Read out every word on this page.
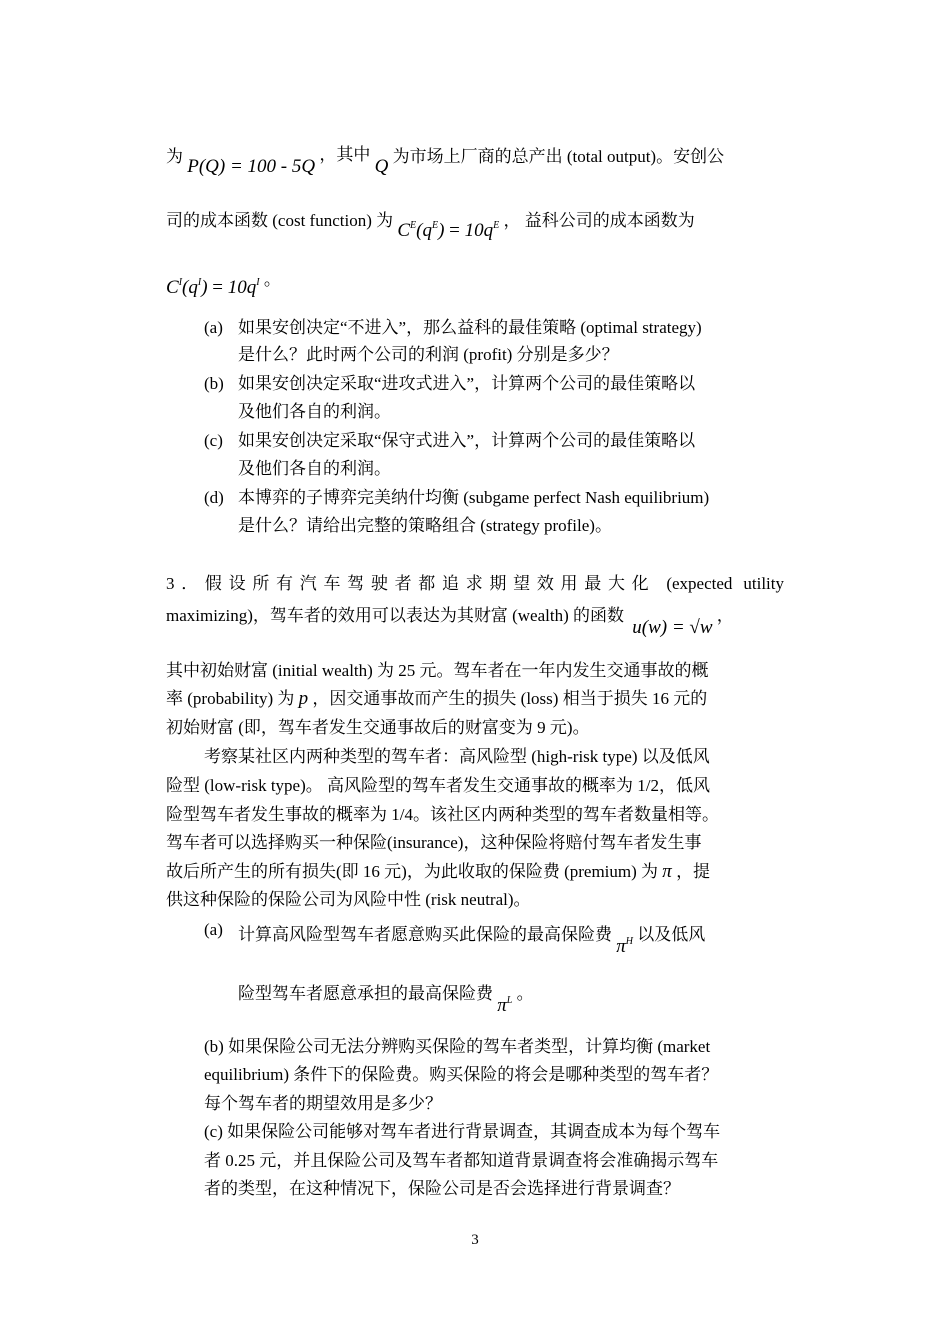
为 P(Q) = 100 - 5Q ，其中 Q 为市场上厂商的总产出 (total output)。安创公
司的成本函数 (cost function) 为 $C^E(q^E) = 10q^E$ ， 益科公司的成本函数为
$C^I(q^I) = 10q^I$ 。
(a) 如果安创决定“不进入”，那么益科的最佳策略 (optimal strategy)
是什么？此时两个公司的利润 (profit) 分别是多少？
(b) 如果安创决定采取“进攻式进入”，计算两个公司的最佳策略以
及他们各自的利润。
(c) 如果安创决定采取“保守式进入”，计算两个公司的最佳策略以
及他们各自的利润。
(d) 本博弈的子博弈完美纳什均衡 (subgame perfect Nash equilibrium)
是什么？请给出完整的策略组合 (strategy profile)。
3．假设所有汽车驾驶者都追求期望效用最大化 (expected utility
maximizing)，驾车者的效用可以表达为其财富 (wealth) 的函数 u(w) = √w ，
其中初始财富 (initial wealth) 为 25 元。驾车者在一年内发生交通事故的概
率 (probability) 为 p ，因交通事故而产生的损失 (loss) 相当于损失 16 元的
初始财富 (即，驾车者发生交通事故后的财富变为 9 元)。
考察某社区内两种类型的驾车者：高风险型 (high-risk type) 以及低风
险型 (low-risk type)。 高风险型的驾车者发生交通事故的概率为 1/2，低风
险型驾车者发生事故的概率为 1/4。该社区内两种类型的驾车者数量相等。
驾车者可以选择购买一种保险(insurance)，这种保险将赔付驾车者发生事
故后所产生的所有损失(即 16 元)，为此收取的保险费 (premium) 为 π ，提
供这种保险的保险公司为风险中性 (risk neutral)。
(a) 计算高风险型驾车者愿意购买此保险的最高保险费 $\pi^H$ 以及低风
险型驾车者愿意承担的最高保险费 $\pi^L$ 。
(b) 如果保险公司无法分辨购买保险的驾车者类型，计算均衡 (market
equilibrium) 条件下的保险费。购买保险的将会是哪种类型的驾车者？
每个驾车者的期望效用是多少？
(c) 如果保险公司能够对驾车者进行背景调查，其调查成本为每个驾车
者 0.25 元，并且保险公司及驾车者都知道背景调查将会准确揭示驾车
者的类型，在这种情况下，保险公司是否会选择进行背景调查？
3
